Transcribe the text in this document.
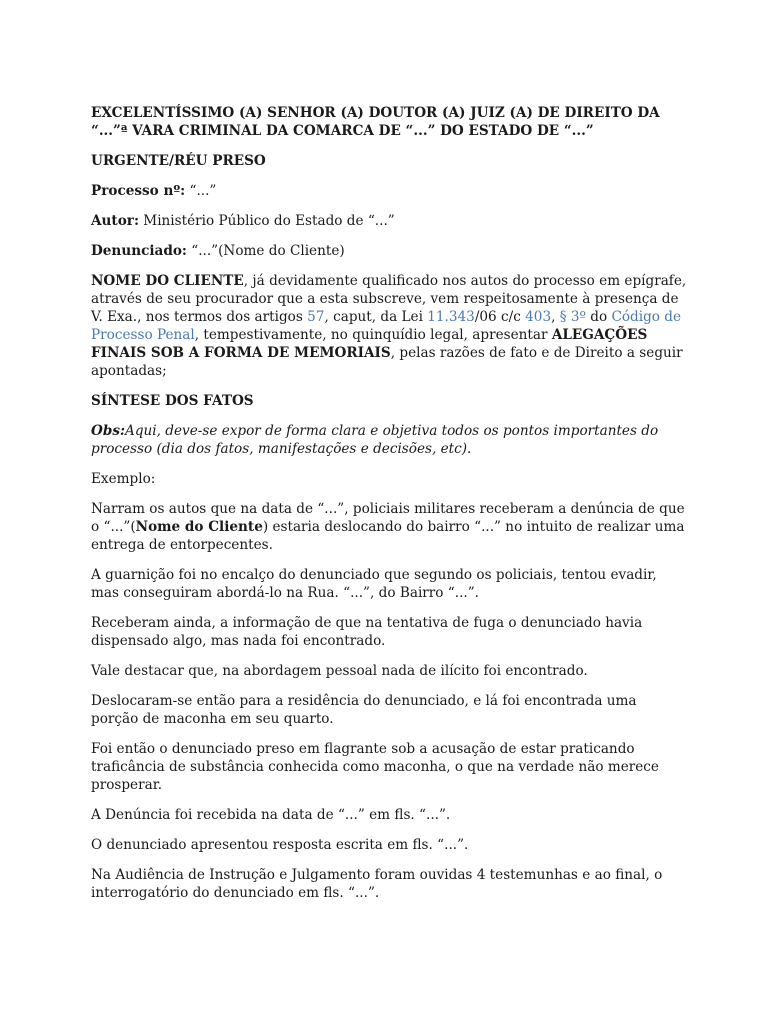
EXCELENTÍSSIMO (A) SENHOR (A) DOUTOR (A) JUIZ (A) DE DIREITO DA “...”ª VARA CRIMINAL DA COMARCA DE “...” DO ESTADO DE “...”

URGENTE/RÉU PRESO

Processo nº: “...”

Autor: Ministério Público do Estado de “...”

Denunciado: “...”(Nome do Cliente)

NOME DO CLIENTE, já devidamente qualificado nos autos do processo em epígrafe, através de seu procurador que a esta subscreve, vem respeitosamente à presença de V. Exa., nos termos dos artigos 57, caput, da Lei 11.343/06 c/c 403, § 3º do Código de Processo Penal, tempestivamente, no quinquídio legal, apresentar ALEGAÇÕES FINAIS SOB A FORMA DE MEMORIAIS, pelas razões de fato e de Direito a seguir apontadas;

SÍNTESE DOS FATOS

Obs:Aqui, deve-se expor de forma clara e objetiva todos os pontos importantes do processo (dia dos fatos, manifestações e decisões, etc).

Exemplo:

Narram os autos que na data de “...”, policiais militares receberam a denúncia de que o “...”(Nome do Cliente) estaria deslocando do bairro “...” no intuito de realizar uma entrega de entorpecentes.

A guarnição foi no encalço do denunciado que segundo os policiais, tentou evadir, mas conseguiram abordá-lo na Rua. “...”, do Bairro “...”.

Receberam ainda, a informação de que na tentativa de fuga o denunciado havia dispensado algo, mas nada foi encontrado.

Vale destacar que, na abordagem pessoal nada de ilícito foi encontrado.

Deslocaram-se então para a residência do denunciado, e lá foi encontrada uma porção de maconha em seu quarto.

Foi então o denunciado preso em flagrante sob a acusação de estar praticando traficância de substância conhecida como maconha, o que na verdade não merece prosperar.

A Denúncia foi recebida na data de “...” em fls. “...”.

O denunciado apresentou resposta escrita em fls. “...”.

Na Audiência de Instrução e Julgamento foram ouvidas 4 testemunhas e ao final, o interrogatório do denunciado em fls. “...”.
